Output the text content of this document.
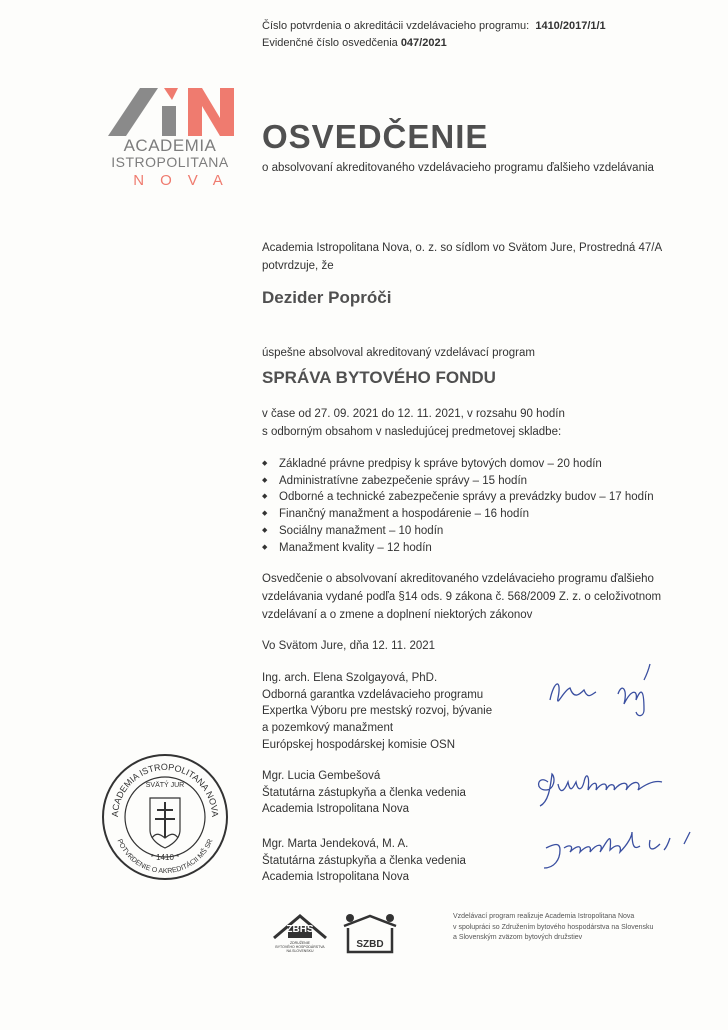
Číslo potvrdenia o akreditácii vzdelávacieho programu: 1410/2017/1/1
Evidenčné číslo osvedčenia 047/2021
ACADEMIA
ISTROPOLITANA
NOVA
OSVEDČENIE
o absolvovaní akreditovaného vzdelávacieho programu ďalšieho vzdelávania
Academia Istropolitana Nova, o. z. so sídlom vo Svätom Jure, Prostredná 47/A
potvrdzuje, že
Dezider Popróči
úspešne absolvoval akreditovaný vzdelávací program
SPRÁVA BYTOVÉHO FONDU
v čase od 27. 09. 2021 do 12. 11. 2021, v rozsahu 90 hodín
s odborným obsahom v nasledujúcej predmetovej skladbe:
◆ Základné právne predpisy k správe bytových domov – 20 hodín
◆ Administratívne zabezpečenie správy – 15 hodín
◆ Odborné a technické zabezpečenie správy a prevádzky budov – 17 hodín
◆ Finančný manažment a hospodárenie – 16 hodín
◆ Sociálny manažment – 10 hodín
◆ Manažment kvality – 12 hodín
Osvedčenie o absolvovaní akreditovaného vzdelávacieho programu ďalšieho
vzdelávania vydané podľa §14 ods. 9 zákona č. 568/2009 Z. z. o celoživotnom
vzdelávaní a o zmene a doplnení niektorých zákonov
Vo Svätom Jure, dňa 12. 11. 2021
Ing. arch. Elena Szolgayová, PhD.
Odborná garantka vzdelávacieho programu
Expertka Výboru pre mestský rozvoj, bývanie
a pozemkový manažment
Európskej hospodárskej komisie OSN
Mgr. Lucia Gembešová
Štatutárna zástupkyňa a členka vedenia
Academia Istropolitana Nova
Mgr. Marta Jendeková, M. A.
Štatutárna zástupkyňa a členka vedenia
Academia Istropolitana Nova
ACADEMIA ISTROPOLITANA NOVA
POTVRDENIE O AKREDITÁCII MŠ SR
SVÄTÝ JUR
* 1410 *
ZBHS
ZDRUŽENIE
BYTOVÉHO HOSPODÁRSTVA
NA SLOVENSKU
SZBD
Vzdelávací program realizuje Academia Istropolitana Nova
v spolupráci so Združením bytového hospodárstva na Slovensku
a Slovenským zväzom bytových družstiev
